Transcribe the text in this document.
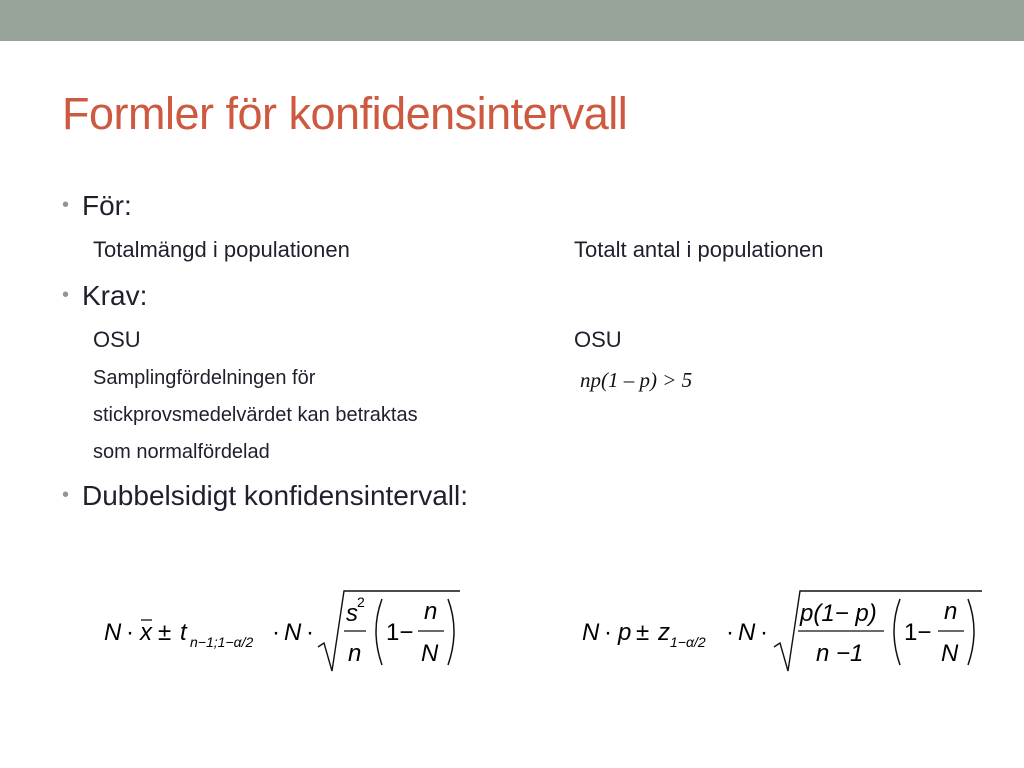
Formler för konfidensintervall
• För:
Totalmängd i populationen	Totalt antal i populationen
• Krav:
OSU	OSU
Samplingfördelningen för
stickprovsmedelvärdet kan betraktas
som normalfördelad
np(1 – p) > 5
• Dubbelsidigt konfidensintervall:
N · x ± t n−1;1−α/2 · N ·
s 2
n
1−
n
N
N · p ± z 1−α/2 · N ·
p(1− p)
n −1
1−
n
N
